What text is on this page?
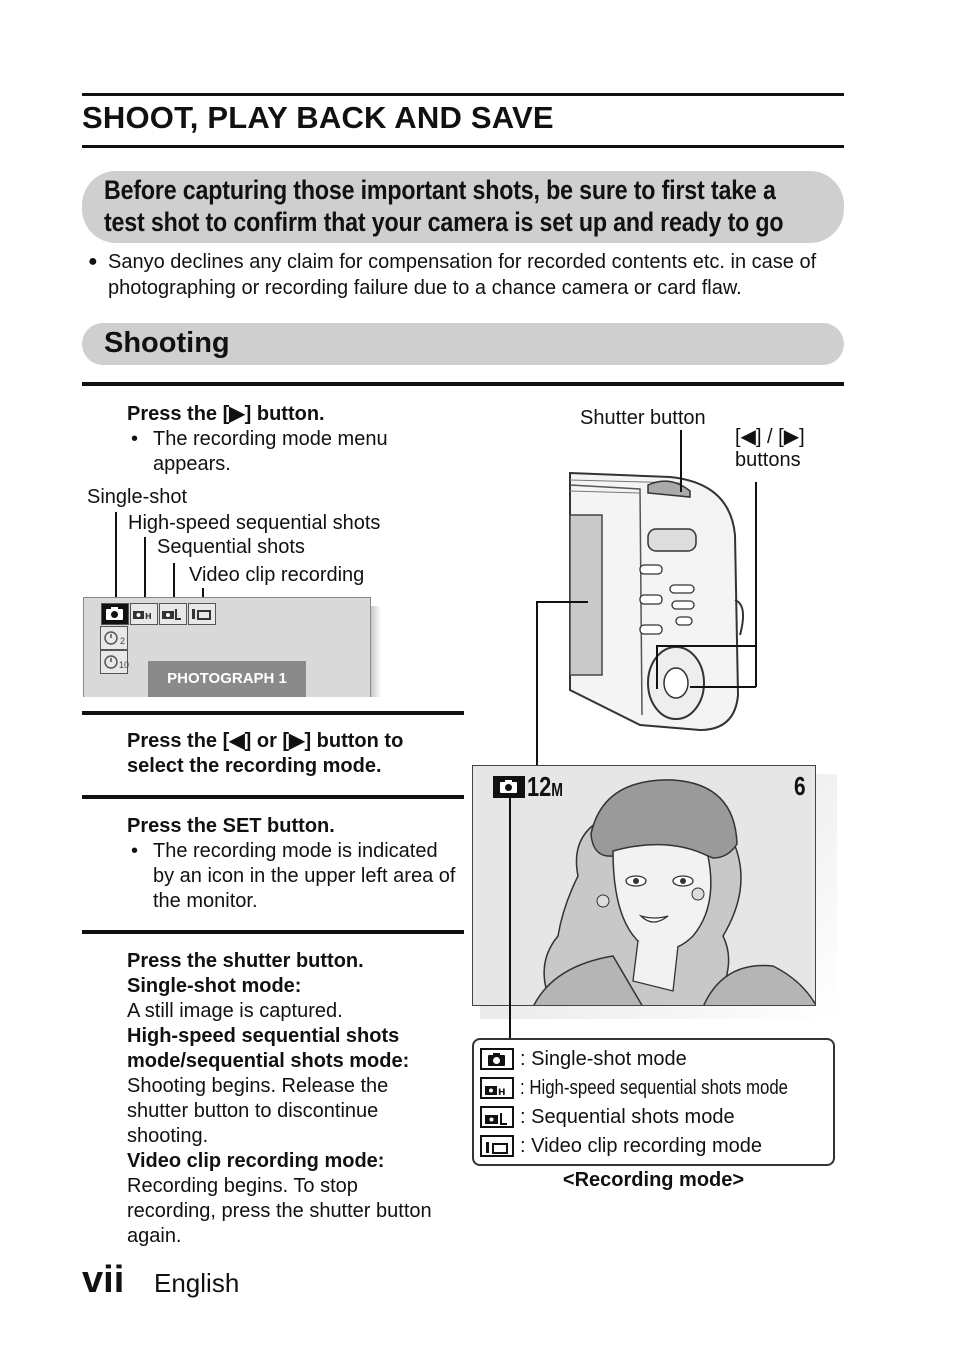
SHOOT, PLAY BACK AND SAVE
Before capturing those important shots, be sure to first take a
test shot to confirm that your camera is set up and ready to go
● Sanyo declines any claim for compensation for recorded contents etc. in case of photographing or recording failure due to a chance camera or card flaw.
Shooting
Press the [▶] button.
• The recording mode menu appears.
Single-shot
High-speed sequential shots
Sequential shots
Video clip recording
H
2
10
PHOTOGRAPH 1
Press the [◀] or [▶] button to
select the recording mode.
Press the SET button.
• The recording mode is indicated by an icon in the upper left area of the monitor.
Press the shutter button.
Single-shot mode:
A still image is captured.
High-speed sequential shots
mode/sequential shots mode:
Shooting begins. Release the shutter button to discontinue shooting.
Video clip recording mode:
Recording begins. To stop recording, press the shutter button again.
Shutter button
[◀] / [▶]
buttons
12M	6
: Single-shot mode
H : High-speed sequential shots mode
: Sequential shots mode
: Video clip recording mode
<Recording mode>
vii English
